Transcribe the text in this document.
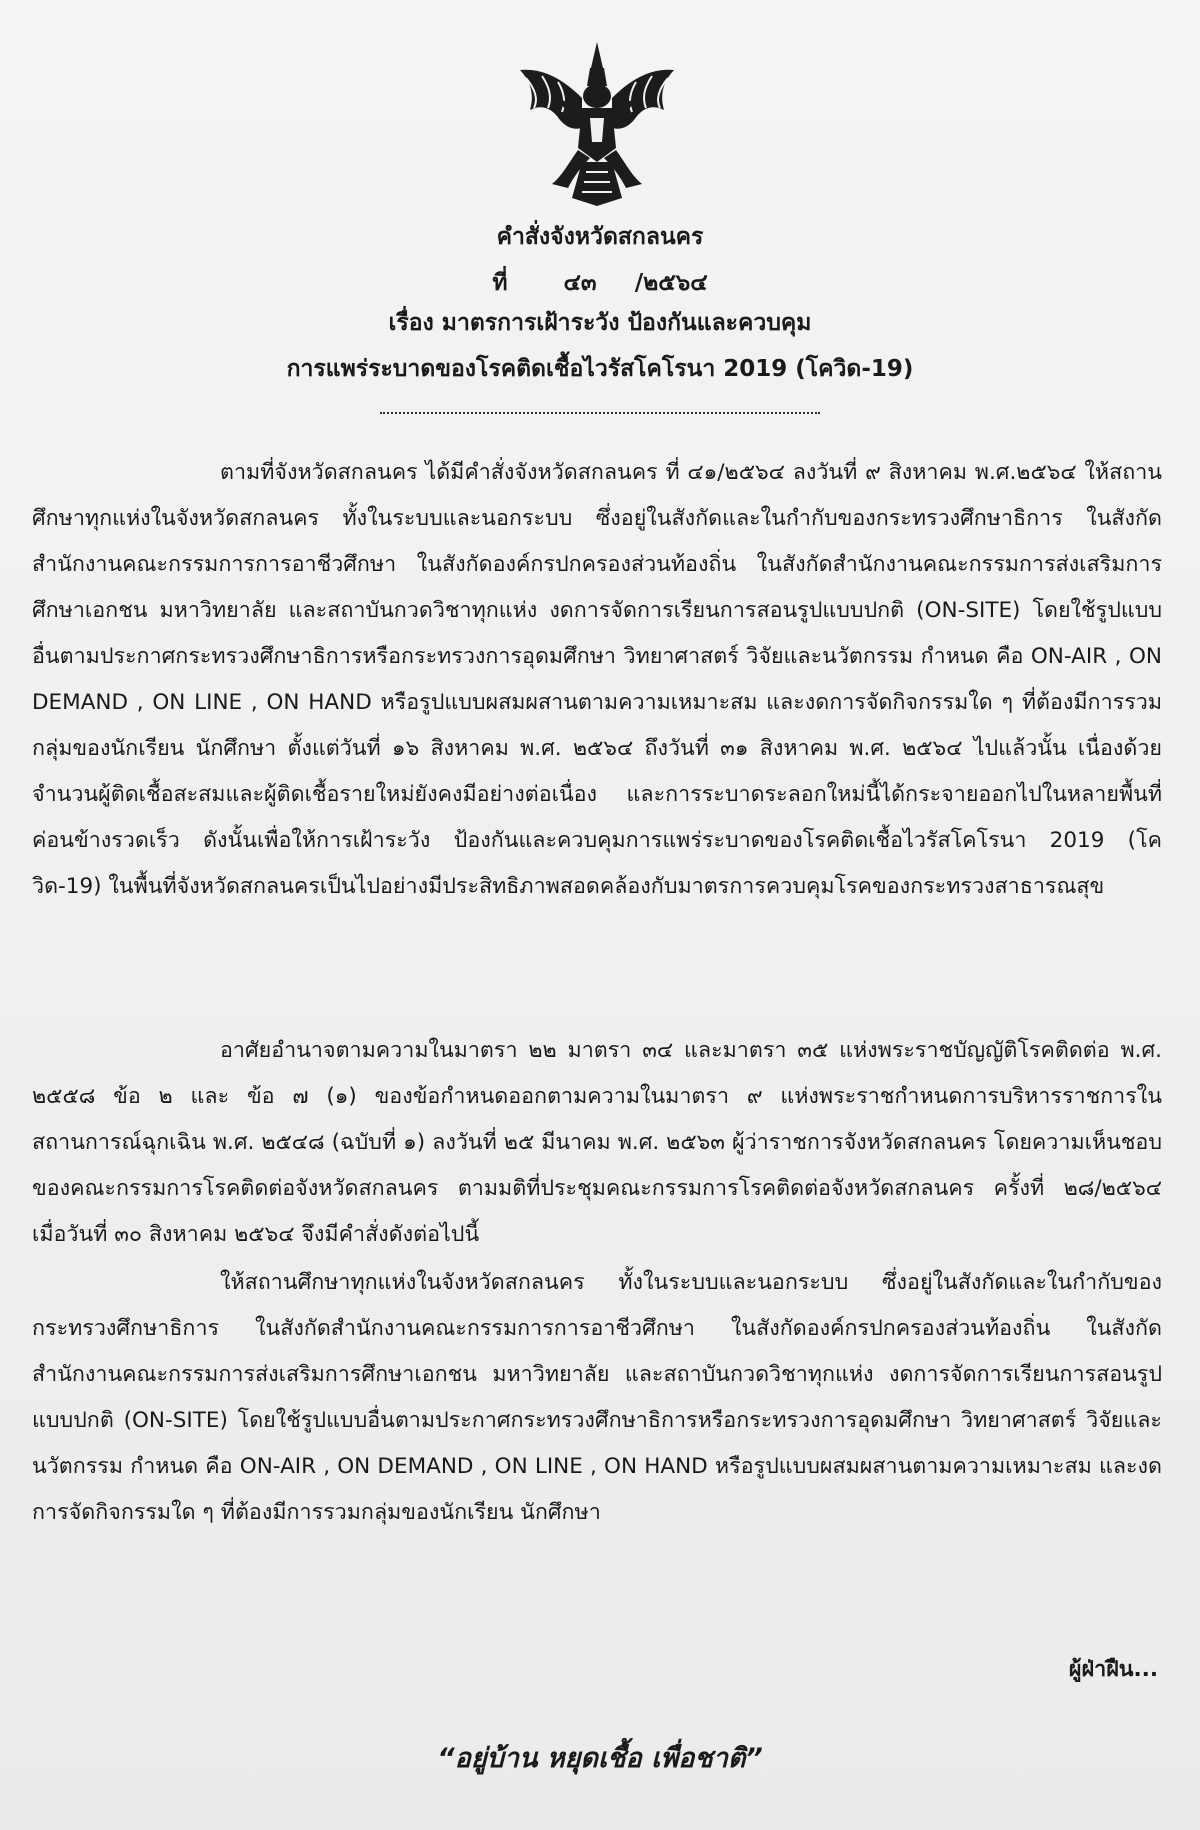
คำสั่งจังหวัดสกลนคร
ที่ ๔๓ /๒๕๖๔
เรื่อง มาตรการเฝ้าระวัง ป้องกันและควบคุม
การแพร่ระบาดของโรคติดเชื้อไวรัสโคโรนา 2019 (โควิด-19)

ตามที่จังหวัดสกลนคร ได้มีคำสั่งจังหวัดสกลนคร ที่ ๔๑/๒๕๖๔ ลงวันที่ ๙ สิงหาคม พ.ศ.๒๕๖๔ ให้สถานศึกษาทุกแห่งในจังหวัดสกลนคร ทั้งในระบบและนอกระบบ ซึ่งอยู่ในสังกัดและในกำกับของกระทรวงศึกษาธิการ ในสังกัดสำนักงานคณะกรรมการการอาชีวศึกษา ในสังกัดองค์กรปกครองส่วนท้องถิ่น ในสังกัดสำนักงานคณะกรรมการส่งเสริมการศึกษาเอกชน มหาวิทยาลัย และสถาบันกวดวิชาทุกแห่ง งดการจัดการเรียนการสอนรูปแบบปกติ (ON-SITE) โดยใช้รูปแบบอื่นตามประกาศกระทรวงศึกษาธิการหรือกระทรวงการอุดมศึกษา วิทยาศาสตร์ วิจัยและนวัตกรรม กำหนด คือ ON-AIR , ON DEMAND , ON LINE , ON HAND หรือรูปแบบผสมผสานตามความเหมาะสม และงดการจัดกิจกรรมใด ๆ ที่ต้องมีการรวมกลุ่มของนักเรียน นักศึกษา ตั้งแต่วันที่ ๑๖ สิงหาคม พ.ศ. ๒๕๖๔ ถึงวันที่ ๓๑ สิงหาคม พ.ศ. ๒๕๖๔ ไปแล้วนั้น เนื่องด้วยจำนวนผู้ติดเชื้อสะสมและผู้ติดเชื้อรายใหม่ยังคงมีอย่างต่อเนื่อง และการระบาดระลอกใหม่นี้ได้กระจายออกไปในหลายพื้นที่ค่อนข้างรวดเร็ว ดังนั้นเพื่อให้การเฝ้าระวัง ป้องกันและควบคุมการแพร่ระบาดของโรคติดเชื้อไวรัสโคโรนา 2019 (โควิด-19) ในพื้นที่จังหวัดสกลนครเป็นไปอย่างมีประสิทธิภาพสอดคล้องกับมาตรการควบคุมโรคของกระทรวงสาธารณสุข

อาศัยอำนาจตามความในมาตรา ๒๒ มาตรา ๓๔ และมาตรา ๓๕ แห่งพระราชบัญญัติโรคติดต่อ พ.ศ. ๒๕๕๘ ข้อ ๒ และ ข้อ ๗ (๑) ของข้อกำหนดออกตามความในมาตรา ๙ แห่งพระราชกำหนดการบริหารราชการในสถานการณ์ฉุกเฉิน พ.ศ. ๒๕๔๘ (ฉบับที่ ๑) ลงวันที่ ๒๕ มีนาคม พ.ศ. ๒๕๖๓ ผู้ว่าราชการจังหวัดสกลนคร โดยความเห็นชอบของคณะกรรมการโรคติดต่อจังหวัดสกลนคร ตามมติที่ประชุมคณะกรรมการโรคติดต่อจังหวัดสกลนคร ครั้งที่ ๒๘/๒๕๖๔ เมื่อวันที่ ๓๐ สิงหาคม ๒๕๖๔ จึงมีคำสั่งดังต่อไปนี้

ให้สถานศึกษาทุกแห่งในจังหวัดสกลนคร ทั้งในระบบและนอกระบบ ซึ่งอยู่ในสังกัดและในกำกับของกระทรวงศึกษาธิการ ในสังกัดสำนักงานคณะกรรมการการอาชีวศึกษา ในสังกัดองค์กรปกครองส่วนท้องถิ่น ในสังกัดสำนักงานคณะกรรมการส่งเสริมการศึกษาเอกชน มหาวิทยาลัย และสถาบันกวดวิชาทุกแห่ง งดการจัดการเรียนการสอนรูปแบบปกติ (ON-SITE) โดยใช้รูปแบบอื่นตามประกาศกระทรวงศึกษาธิการหรือกระทรวงการอุดมศึกษา วิทยาศาสตร์ วิจัยและนวัตกรรม กำหนด คือ ON-AIR , ON DEMAND , ON LINE , ON HAND หรือรูปแบบผสมผสานตามความเหมาะสม และงดการจัดกิจกรรมใด ๆ ที่ต้องมีการรวมกลุ่มของนักเรียน นักศึกษา

ผู้ฝ่าฝืน...
“อยู่บ้าน หยุดเชื้อ เพื่อชาติ”
